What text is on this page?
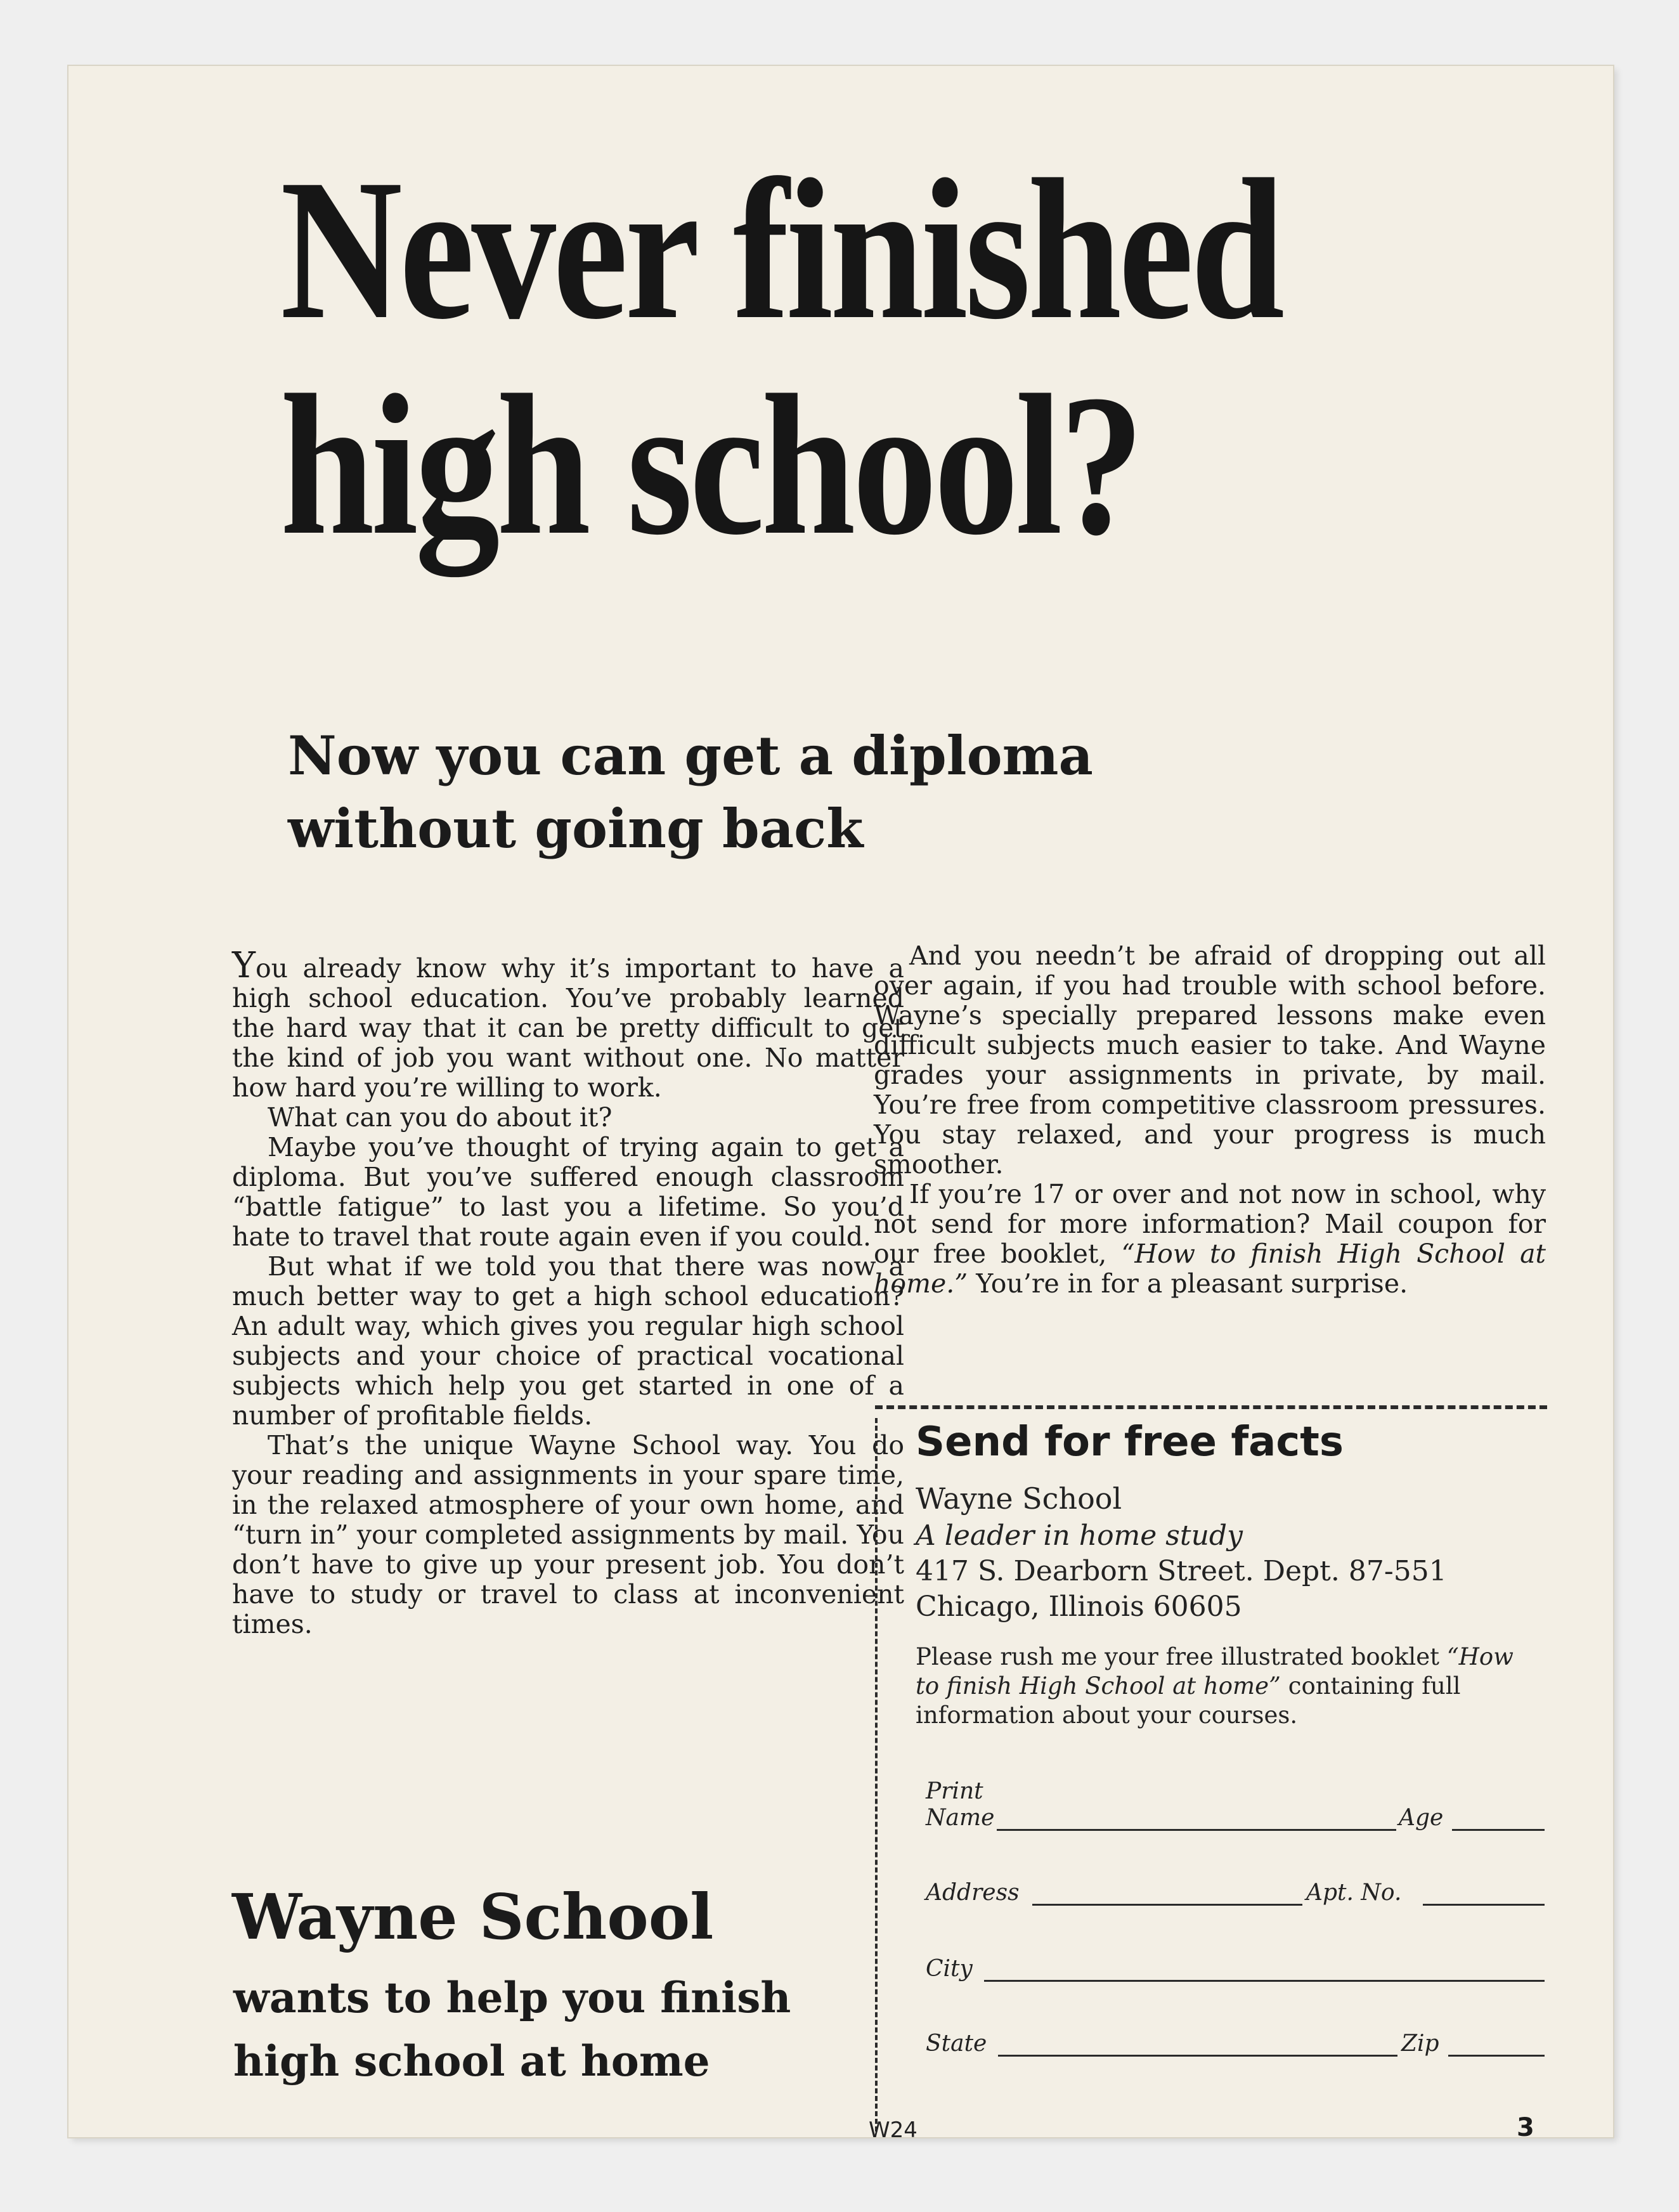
Never finished
high school?
Now you can get a diploma
without going back

You already know why it’s important to have a high school education. You’ve probably learned the hard way that it can be pretty difficult to get the kind of job you want without one. No matter how hard you’re willing to work.

What can you do about it?

Maybe you’ve thought of trying again to get a diploma. But you’ve suffered enough classroom “battle fatigue” to last you a lifetime. So you’d hate to travel that route again even if you could.

But what if we told you that there was now a much better way to get a high school education? An adult way, which gives you regular high school subjects and your choice of practical vocational subjects which help you get started in one of a number of profitable fields.

That’s the unique Wayne School way. You do your reading and assignments in your spare time, in the relaxed atmosphere of your own home, and “turn in” your completed assignments by mail. You don’t have to give up your present job. You don’t have to study or travel to class at inconvenient times.

And you needn’t be afraid of dropping out all over again, if you had trouble with school before. Wayne’s specially prepared lessons make even difficult subjects much easier to take. And Wayne grades your assignments in private, by mail. You’re free from competitive classroom pressures. You stay relaxed, and your progress is much smoother.

If you’re 17 or over and not now in school, why not send for more information? Mail coupon for our free booklet, “How to finish High School at home.” You’re in for a pleasant surprise.

Wayne School
wants to help you finish
high school at home
Send for free facts
Wayne School
A leader in home study
417 S. Dearborn Street. Dept. 87-551
Chicago, Illinois 60605
Please rush me your free illustrated booklet “How to finish High School at home” containing full information about your courses.
Print
Name	Age
Address	Apt. No.
City
State	Zip
W24	3
